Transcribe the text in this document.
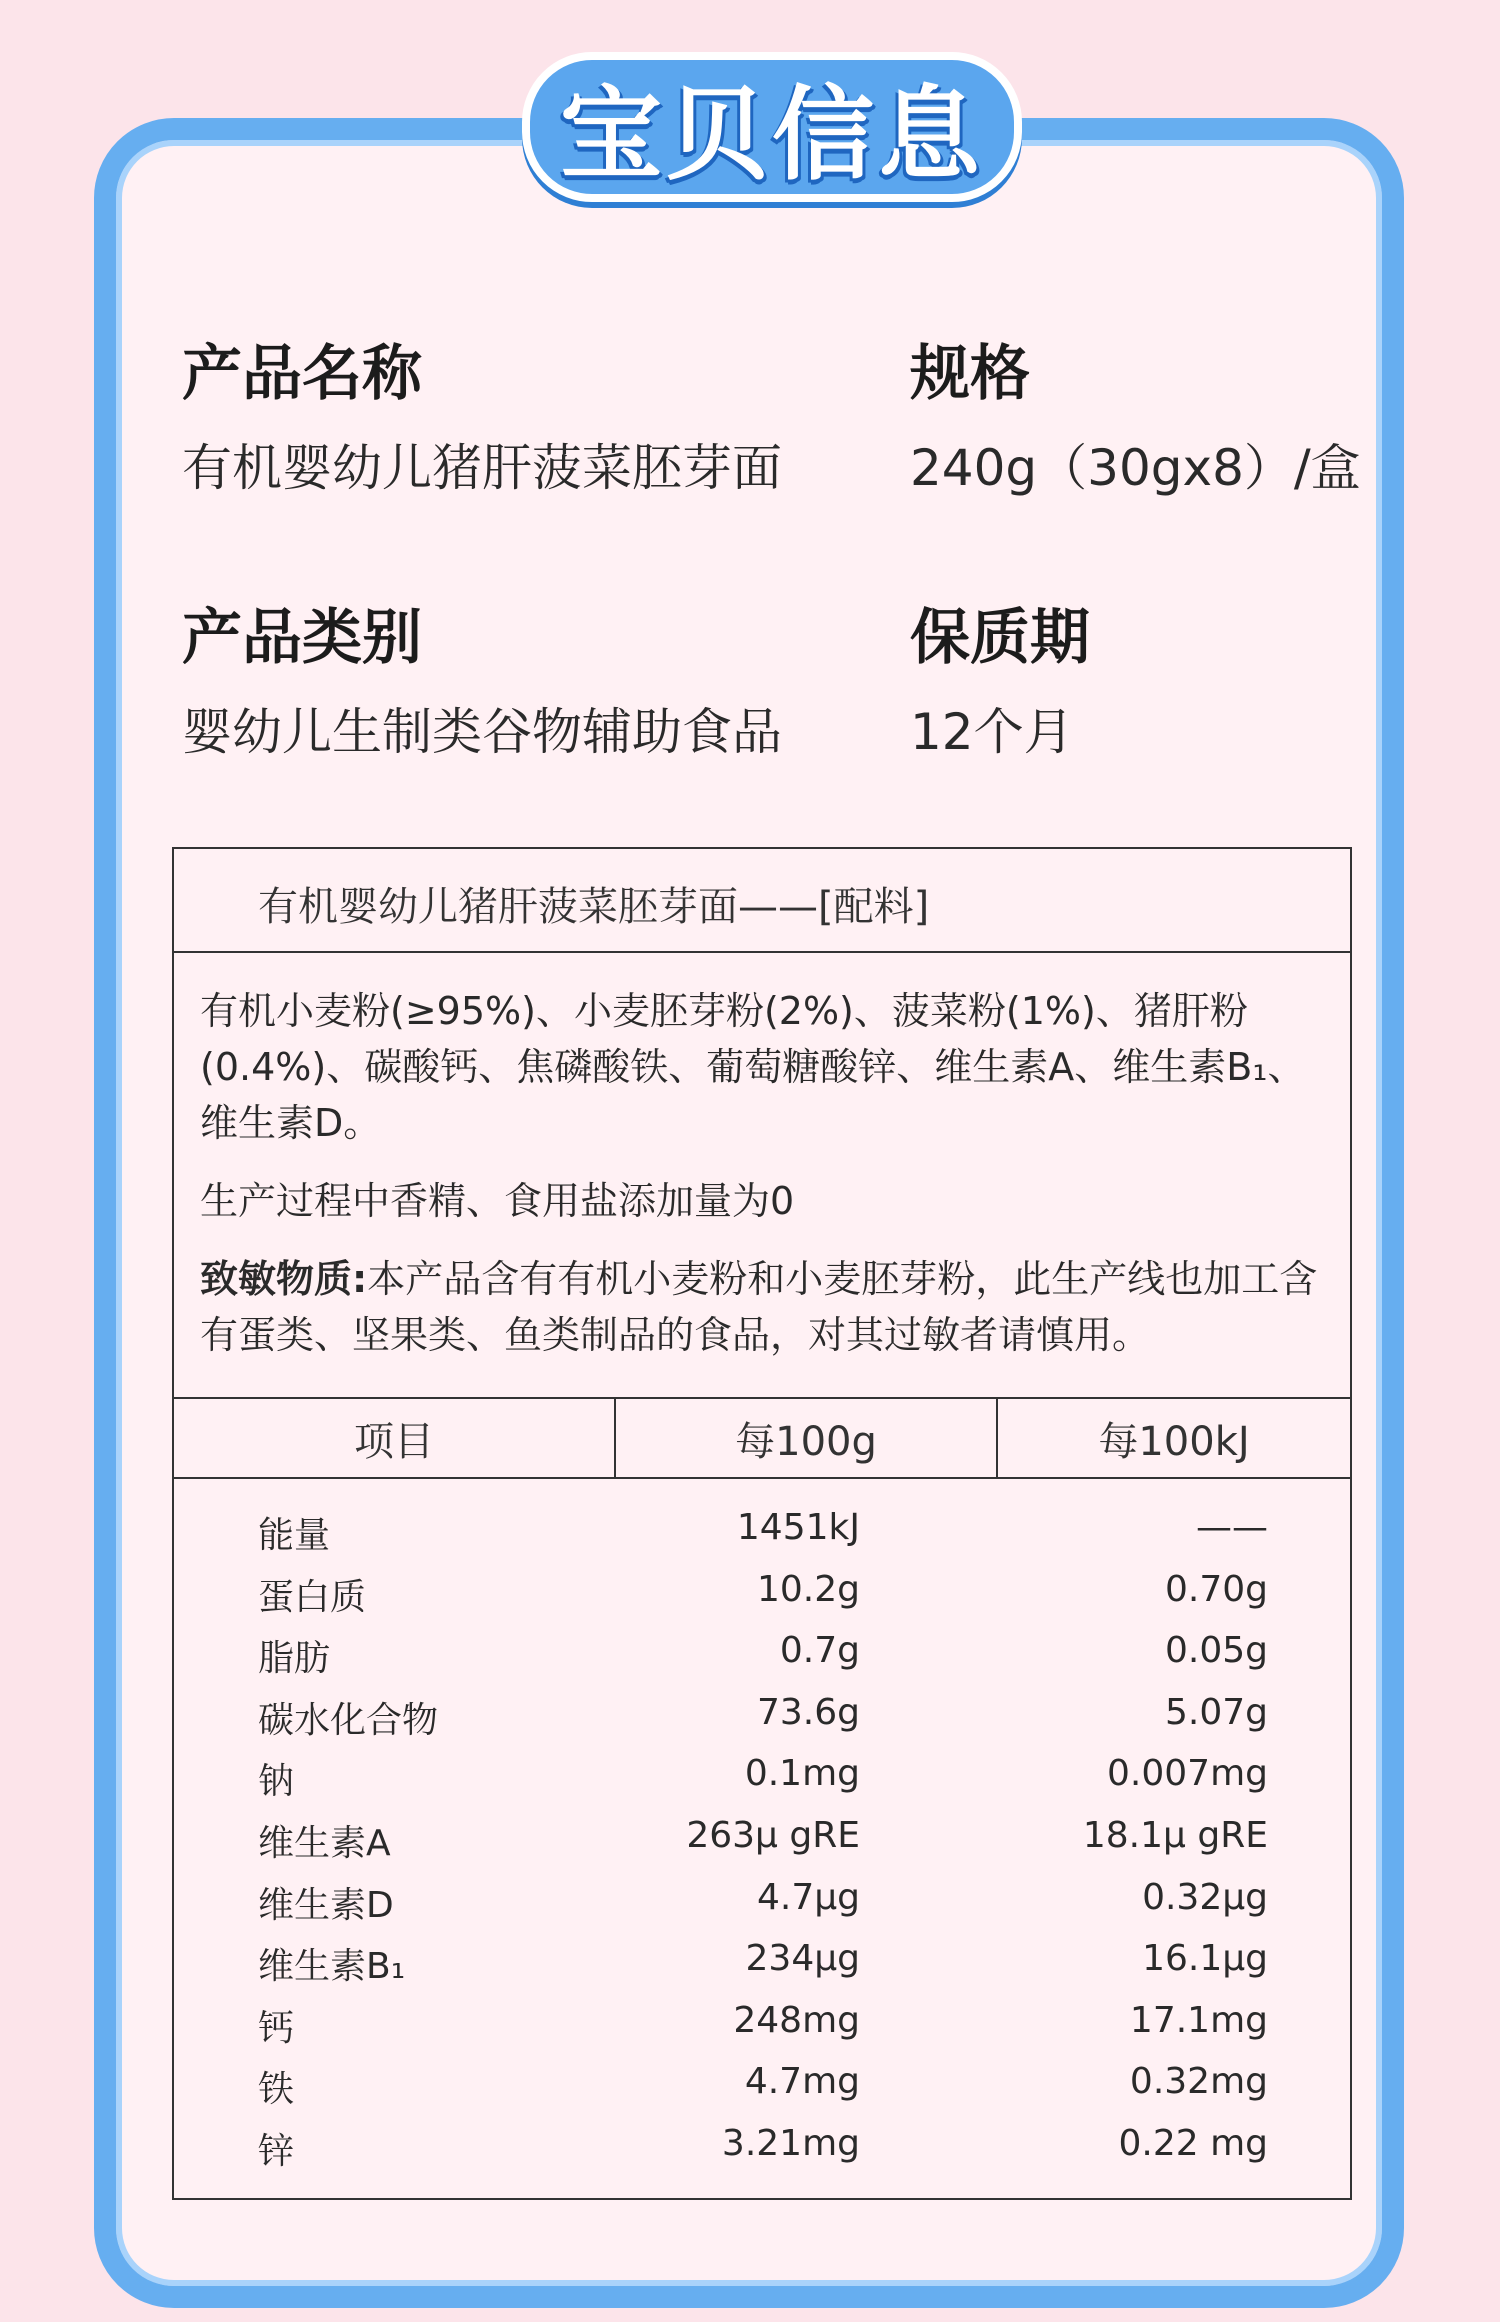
宝贝信息
产品名称
有机婴幼儿猪肝菠菜胚芽面
规格
240g（30gx8）/盒
产品类别
婴幼儿生制类谷物辅助食品
保质期
12个月
有机婴幼儿猪肝菠菜胚芽面——[配料]

有机小麦粉(≥95%)、小麦胚芽粉(2%)、菠菜粉(1%)、猪肝粉(0.4%)、碳酸钙、焦磷酸铁、葡萄糖酸锌、维生素A、维生素B₁、维生素D。

生产过程中香精、食用盐添加量为0

致敏物质:本产品含有有机小麦粉和小麦胚芽粉，此生产线也加工含有蛋类、坚果类、鱼类制品的食品，对其过敏者请慎用。

项目	每100g	每100kJ
能量	1451kJ	——
蛋白质	10.2g	0.70g
脂肪	0.7g	0.05g
碳水化合物	73.6g	5.07g
钠	0.1mg	0.007mg
维生素A	263μ gRE	18.1μ gRE
维生素D	4.7μg	0.32μg
维生素B₁	234μg	16.1μg
钙	248mg	17.1mg
铁	4.7mg	0.32mg
锌	3.21mg	0.22 mg
